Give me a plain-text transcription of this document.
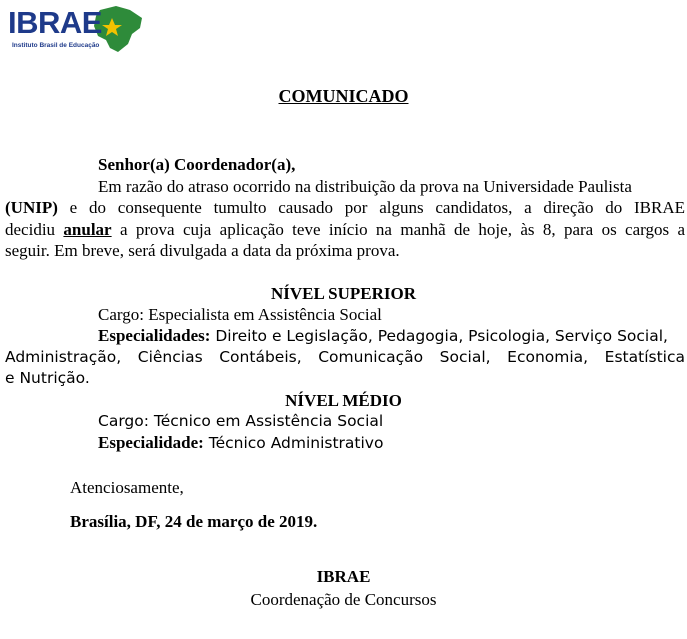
IBRAE
Instituto Brasil de Educação
COMUNICADO
Senhor(a) Coordenador(a),
Em razão do atraso ocorrido na distribuição da prova na Universidade Paulista
(UNIP) e do consequente tumulto causado por alguns candidatos, a direção do IBRAE
decidiu anular a prova cuja aplicação teve início na manhã de hoje, às 8, para os cargos a
seguir. Em breve, será divulgada a data da próxima prova.
NÍVEL SUPERIOR
Cargo: Especialista em Assistência Social
Especialidades: Direito e Legislação, Pedagogia, Psicologia, Serviço Social,
Administração, Ciências Contábeis, Comunicação Social, Economia, Estatística
e Nutrição.
NÍVEL MÉDIO
Cargo: Técnico em Assistência Social
Especialidade: Técnico Administrativo
Atenciosamente,
Brasília, DF, 24 de março de 2019.
IBRAE
Coordenação de Concursos
